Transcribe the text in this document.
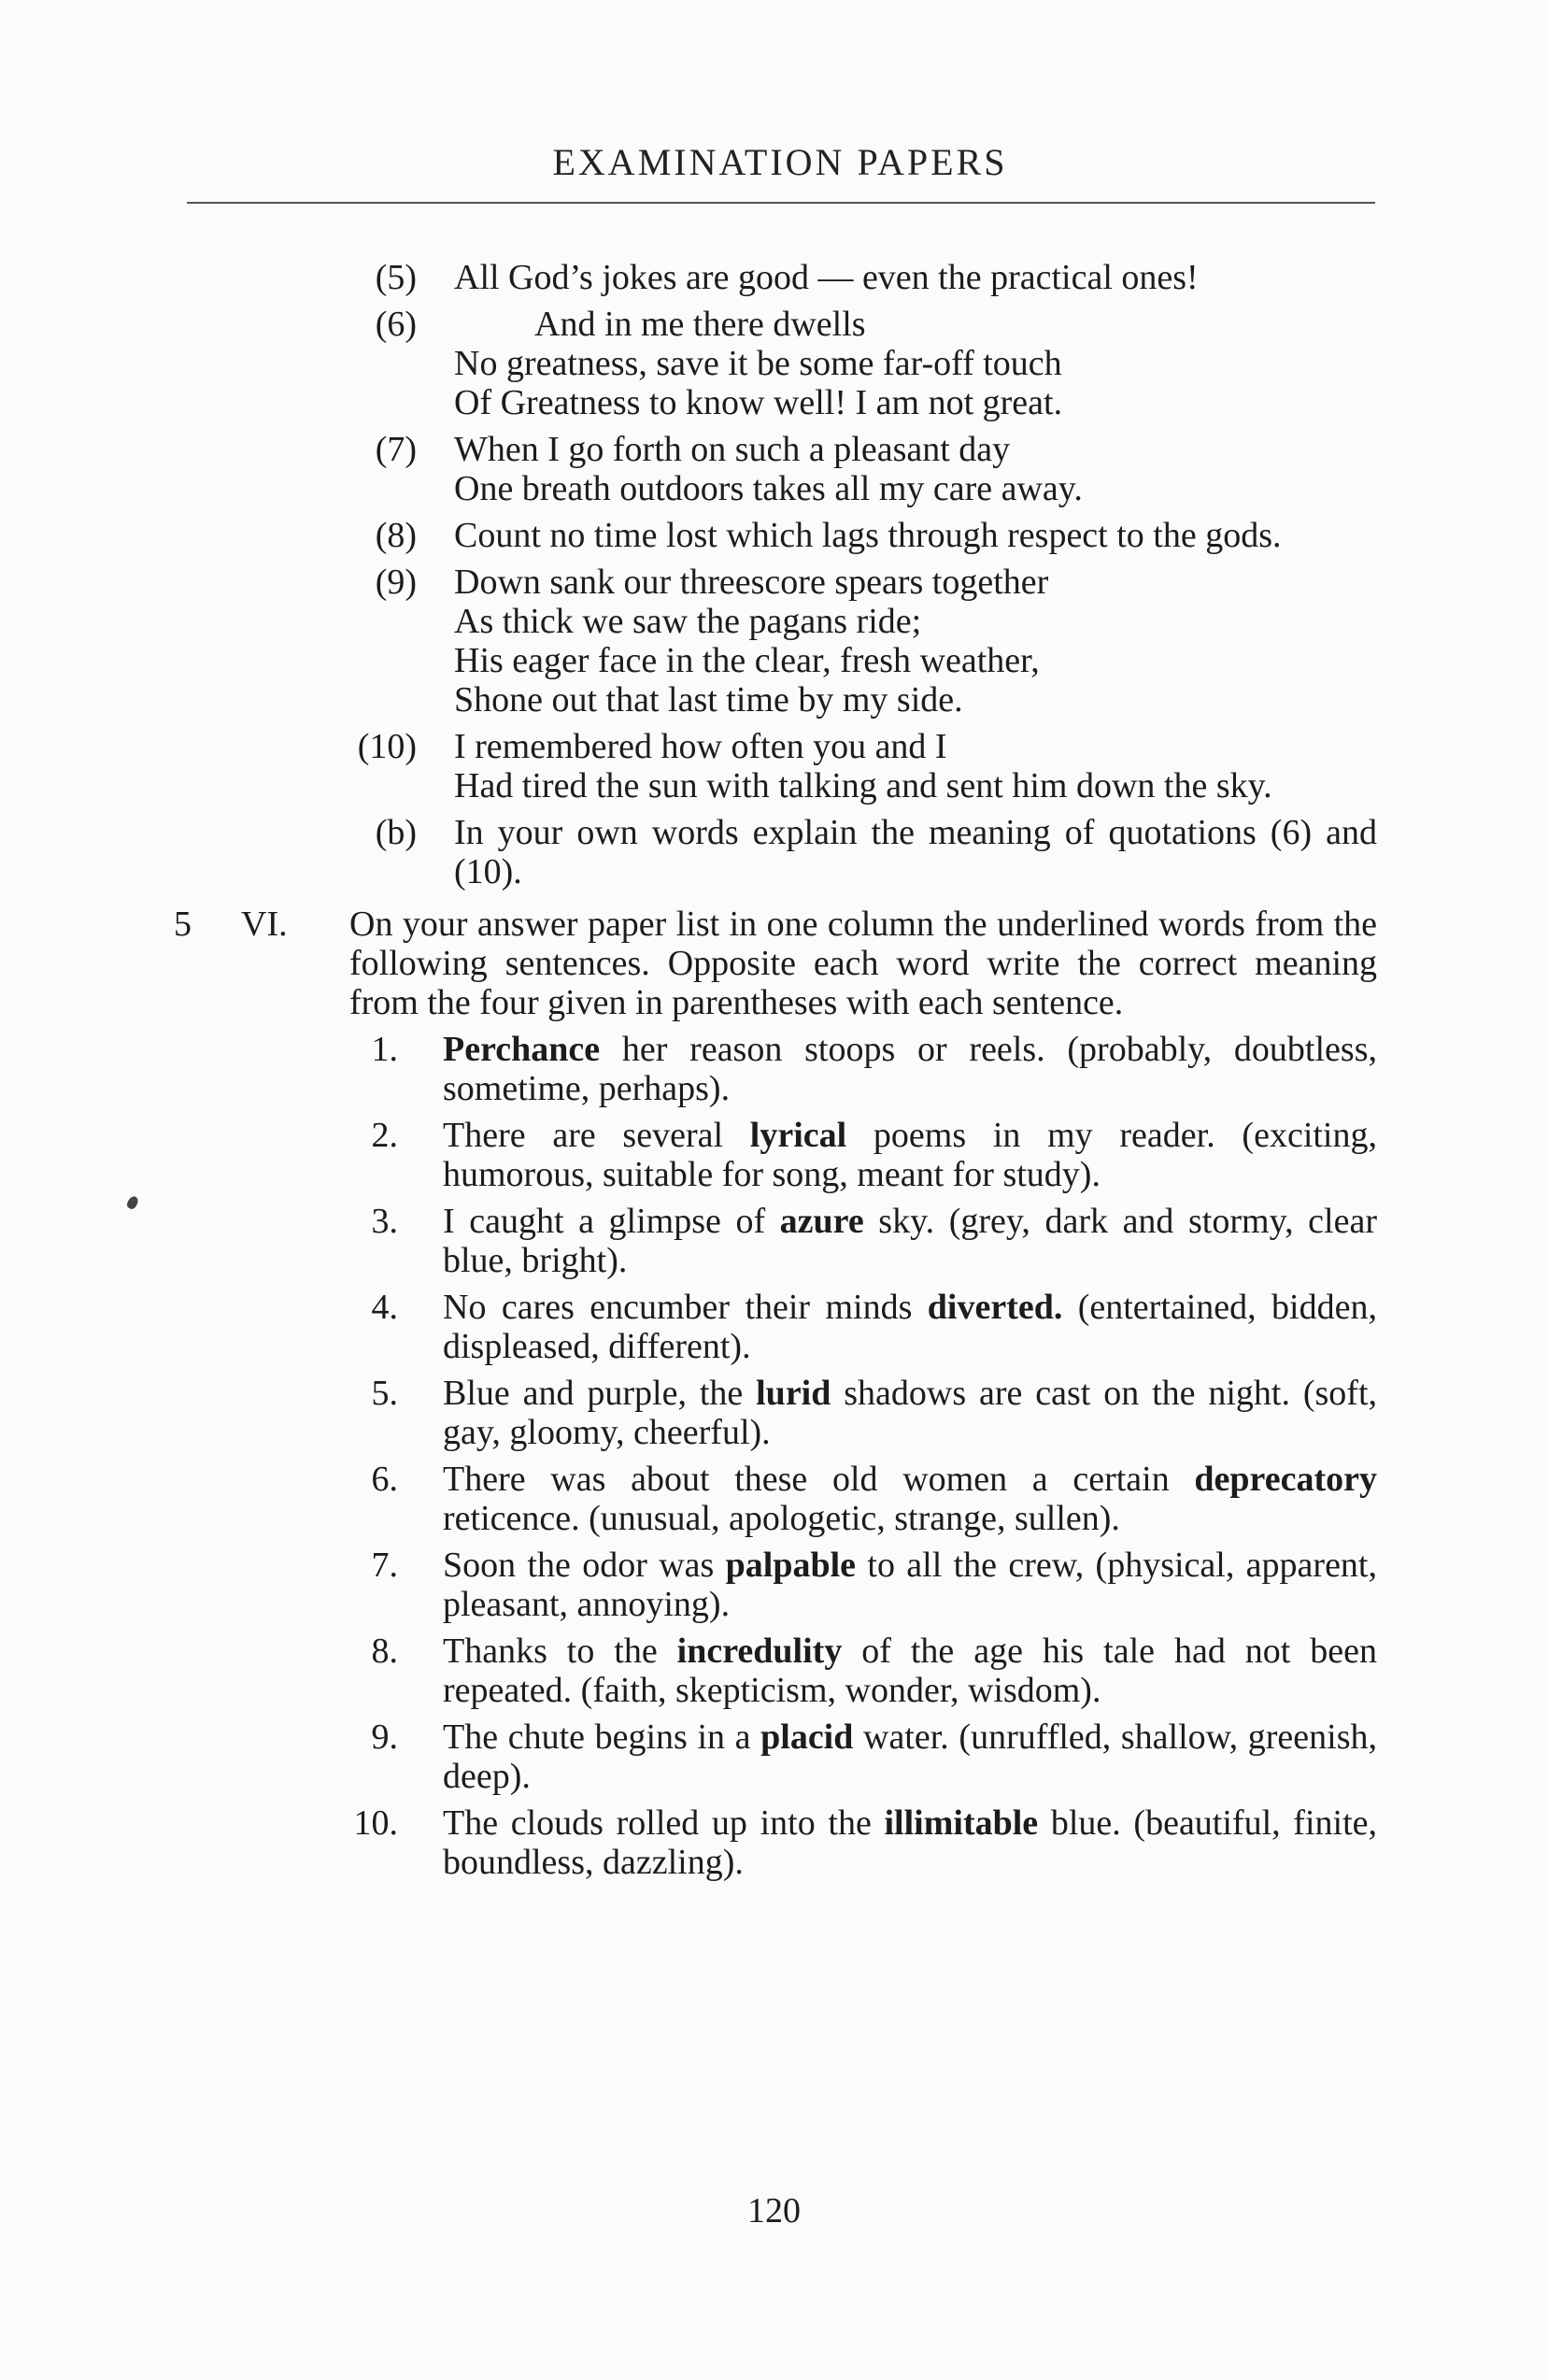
EXAMINATION PAPERS
(5) All God’s jokes are good — even the practical ones!
(6)	And in me there dwells
No greatness, save it be some far-off touch
Of Greatness to know well! I am not great.
(7) When I go forth on such a pleasant day
One breath outdoors takes all my care away.
(8) Count no time lost which lags through respect to the gods.
(9) Down sank our threescore spears together
As thick we saw the pagans ride;
His eager face in the clear, fresh weather,
Shone out that last time by my side.
(10) I remembered how often you and I
Had tired the sun with talking and sent him down the sky.
(b) In your own words explain the meaning of quotations (6) and (10).
5 VI. On your answer paper list in one column the underlined words from the following sentences. Opposite each word write the correct meaning from the four given in parentheses with each sentence.
1. Perchance her reason stoops or reels. (probably, doubtless, sometime, perhaps).
2. There are several lyrical poems in my reader. (exciting, humorous, suitable for song, meant for study).
3. I caught a glimpse of azure sky. (grey, dark and stormy, clear blue, bright).
4. No cares encumber their minds diverted. (entertained, bidden, displeased, different).
5. Blue and purple, the lurid shadows are cast on the night. (soft, gay, gloomy, cheerful).
6. There was about these old women a certain deprecatory reticence. (unusual, apologetic, strange, sullen).
7. Soon the odor was palpable to all the crew, (physical, apparent, pleasant, annoying).
8. Thanks to the incredulity of the age his tale had not been repeated. (faith, skepticism, wonder, wisdom).
9. The chute begins in a placid water. (unruffled, shallow, greenish, deep).
10. The clouds rolled up into the illimitable blue. (beautiful, finite, boundless, dazzling).
120
